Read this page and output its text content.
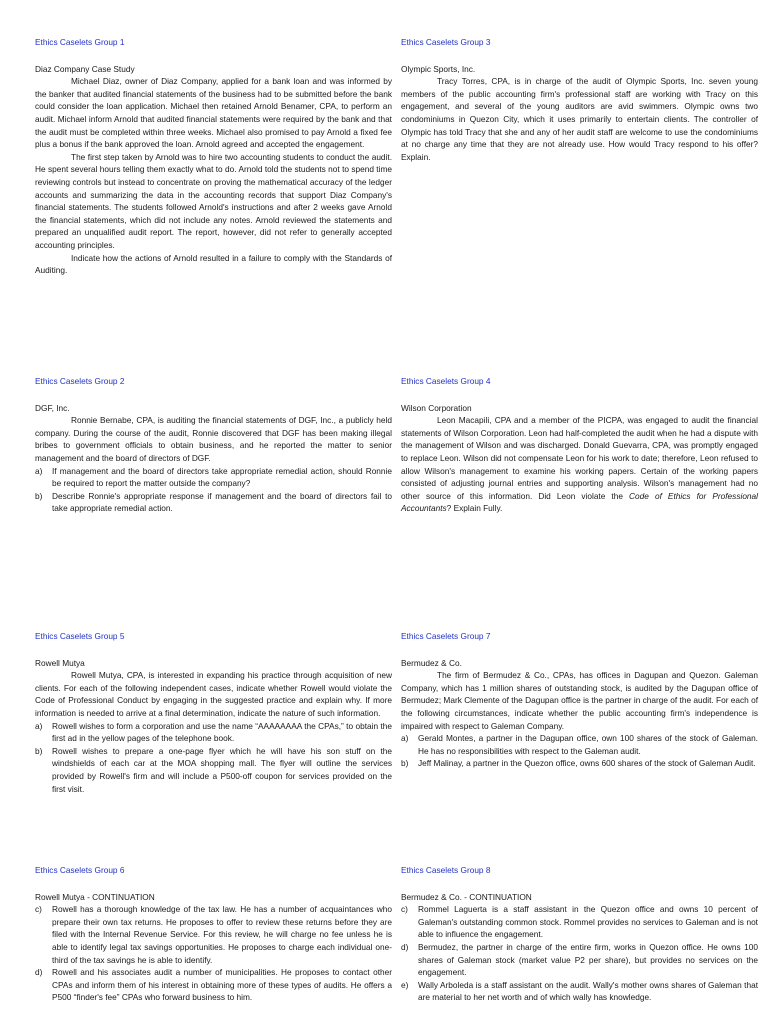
Ethics Caselets Group 1
Diaz Company Case Study

Michael Diaz, owner of Diaz Company, applied for a bank loan and was informed by the banker that audited financial statements of the business had to be submitted before the bank could consider the loan application. Michael then retained Arnold Benamer, CPA, to perform an audit. Michael inform Arnold that audited financial statements were required by the bank and that the audit must be completed within three weeks. Michael also promised to pay Arnold a fixed fee plus a bonus if the bank approved the loan. Arnold agreed and accepted the engagement.

The first step taken by Arnold was to hire two accounting students to conduct the audit. He spent several hours telling them exactly what to do. Arnold told the students not to spend time reviewing controls but instead to concentrate on proving the mathematical accuracy of the ledger accounts and summarizing the data in the accounting records that support Diaz Company's financial statements. The students followed Arnold's instructions and after 2 weeks gave Arnold the financial statements, which did not include any notes. Arnold reviewed the statements and prepared an unqualified audit report. The report, however, did not refer to generally accepted accounting principles.

Indicate how the actions of Arnold resulted in a failure to comply with the Standards of Auditing.

Ethics Caselets Group 3
Olympic Sports, Inc.

Tracy Torres, CPA, is in charge of the audit of Olympic Sports, Inc. seven young members of the public accounting firm's professional staff are working with Tracy on this engagement, and several of the young auditors are avid swimmers. Olympic owns two condominiums in Quezon City, which it uses primarily to entertain clients. The controller of Olympic has told Tracy that she and any of her audit staff are welcome to use the condominiums at no charge any time that they are not already use. How would Tracy respond to his offer? Explain.

Ethics Caselets Group 2
DGF, Inc.

Ronnie Bernabe, CPA, is auditing the financial statements of DGF, Inc., a publicly held company. During the course of the audit, Ronnie discovered that DGF has been making illegal bribes to government officials to obtain business, and he reported the matter to senior management and the board of directors of DGF.

a)	If management and the board of directors take appropriate remedial action, should Ronnie be required to report the matter outside the company?
b)	Describe Ronnie's appropriate response if management and the board of directors fail to take appropriate remedial action.
Ethics Caselets Group 4
Wilson Corporation

Leon Macapili, CPA and a member of the PICPA, was engaged to audit the financial statements of Wilson Corporation. Leon had half-completed the audit when he had a dispute with the management of Wilson and was discharged. Donald Guevarra, CPA, was promptly engaged to replace Leon. Wilson did not compensate Leon for his work to date; therefore, Leon refused to allow Wilson's management to examine his working papers. Certain of the working papers consisted of adjusting journal entries and supporting analysis. Wilson's management had no other source of this information. Did Leon violate the Code of Ethics for Professional Accountants? Explain Fully.

Ethics Caselets Group 5
Rowell Mutya

Rowell Mutya, CPA, is interested in expanding his practice through acquisition of new clients. For each of the following independent cases, indicate whether Rowell would violate the Code of Professional Conduct by engaging in the suggested practice and explain why. If more information is needed to arrive at a final determination, indicate the nature of such information.

a)	Rowell wishes to form a corporation and use the name “AAAAAAAA the CPAs,” to obtain the first ad in the yellow pages of the telephone book.
b)	Rowell wishes to prepare a one-page flyer which he will have his son stuff on the windshields of each car at the MOA shopping mall. The flyer will outline the services provided by Rowell's firm and will include a P500-off coupon for services provided on the first visit.
Ethics Caselets Group 7
Bermudez & Co.

The firm of Bermudez & Co., CPAs, has offices in Dagupan and Quezon. Galeman Company, which has 1 million shares of outstanding stock, is audited by the Dagupan office of Bermudez; Mark Clemente of the Dagupan office is the partner in charge of the audit. For each of the following circumstances, indicate whether the public accounting firm's independence is impaired with respect to Galeman Company.

a)	Gerald Montes, a partner in the Dagupan office, own 100 shares of the stock of Galeman. He has no responsibilities with respect to the Galeman audit.
b)	Jeff Malinay, a partner in the Quezon office, owns 600 shares of the stock of Galeman Audit.
Ethics Caselets Group 6
Rowell Mutya - CONTINUATION
c)	Rowell has a thorough knowledge of the tax law. He has a number of acquaintances who prepare their own tax returns. He proposes to offer to review these returns before they are filed with the Internal Revenue Service. For this review, he will charge no fee unless he is able to identify legal tax savings opportunities. He proposes to charge each individual one-third of the tax savings he is able to identify.
d)	Rowell and his associates audit a number of municipalities. He proposes to contact other CPAs and inform them of his interest in obtaining more of these types of audits. He offers a P500 “finder's fee” CPAs who forward business to him.
Ethics Caselets Group 8
Bermudez & Co. - CONTINUATION
c)	Rommel Laguerta is a staff assistant in the Quezon office and owns 10 percent of Galeman's outstanding common stock. Rommel provides no services to Galeman and is not able to influence the engagement.
d)	Bermudez, the partner in charge of the entire firm, works in Quezon office. He owns 100 shares of Galeman stock (market value P2 per share), but provides no services on the engagement.
e)	Wally Arboleda is a staff assistant on the audit. Wally's mother owns shares of Galeman that are material to her net worth and of which wally has knowledge.
